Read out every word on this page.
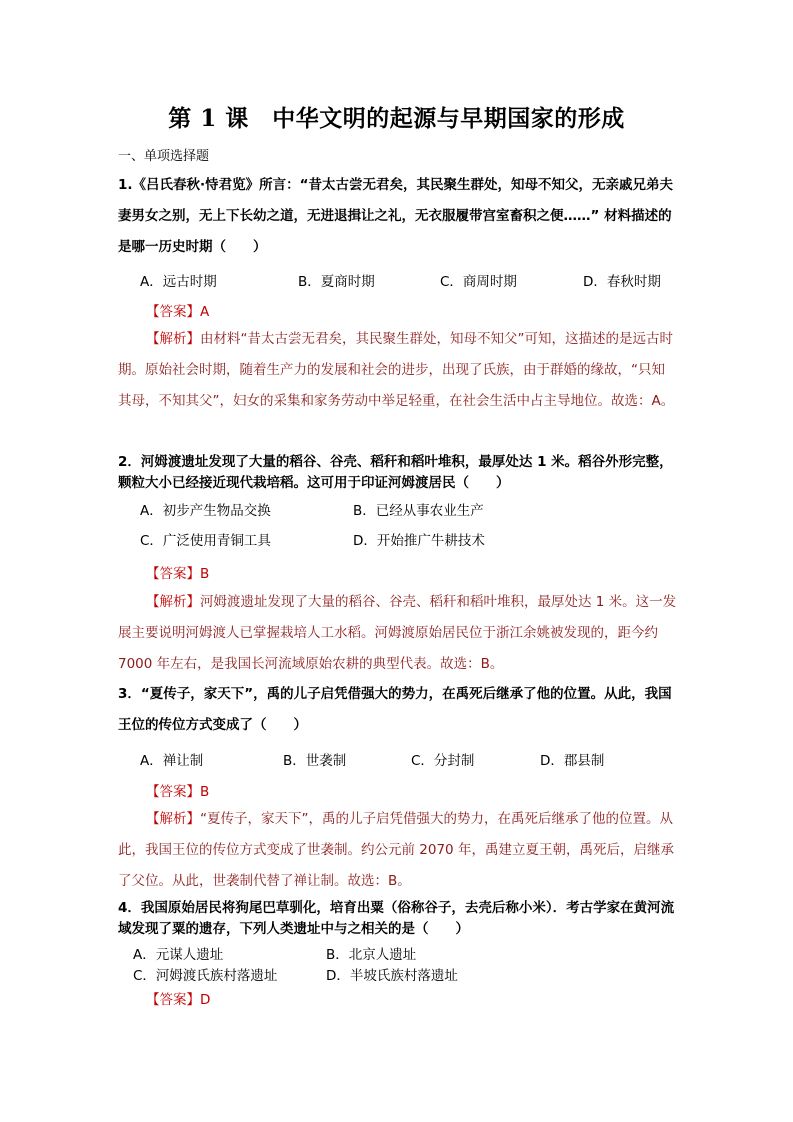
第 1 课　中华文明的起源与早期国家的形成
一、单项选择题
1.《吕氏春秋·恃君览》所言：“昔太古尝无君矣，其民聚生群处，知母不知父，无亲戚兄弟夫妻男女之别，无上下长幼之道，无进退揖让之礼，无衣服履带宫室畜积之便……” 材料描述的是哪一历史时期（　　）
A．远古时期	B．夏商时期	C．商周时期	D．春秋时期
【答案】A
【解析】由材料“昔太古尝无君矣，其民聚生群处，知母不知父”可知，这描述的是远古时期。原始社会时期，随着生产力的发展和社会的进步，出现了氏族，由于群婚的缘故，“只知其母，不知其父”，妇女的采集和家务劳动中举足轻重，在社会生活中占主导地位。故选：A。
2．河姆渡遗址发现了大量的稻谷、谷壳、稻秆和稻叶堆积，最厚处达 1 米。稻谷外形完整，颗粒大小已经接近现代栽培稻。这可用于印证河姆渡居民（　　）
A．初步产生物品交换	B．已经从事农业生产
C．广泛使用青铜工具	D．开始推广牛耕技术
【答案】B
【解析】河姆渡遗址发现了大量的稻谷、谷壳、稻秆和稻叶堆积，最厚处达 1 米。这一发展主要说明河姆渡人已掌握栽培人工水稻。河姆渡原始居民位于浙江余姚被发现的，距今约 7000 年左右，是我国长河流域原始农耕的典型代表。故选：B。
3．“夏传子，家天下”，禹的儿子启凭借强大的势力，在禹死后继承了他的位置。从此，我国王位的传位方式变成了（　　）
A．禅让制	B．世袭制	C．分封制	D．郡县制
【答案】B
【解析】“夏传子，家天下”，禹的儿子启凭借强大的势力，在禹死后继承了他的位置。从此，我国王位的传位方式变成了世袭制。约公元前 2070 年，禹建立夏王朝，禹死后，启继承了父位。从此，世袭制代替了禅让制。故选：B。
4．我国原始居民将狗尾巴草驯化，培育出粟（俗称谷子，去壳后称小米）．考古学家在黄河流域发现了粟的遗存，下列人类遗址中与之相关的是（　　）
A．元谋人遗址	B．北京人遗址
C．河姆渡氏族村落遗址	D．半坡氏族村落遗址
【答案】D
